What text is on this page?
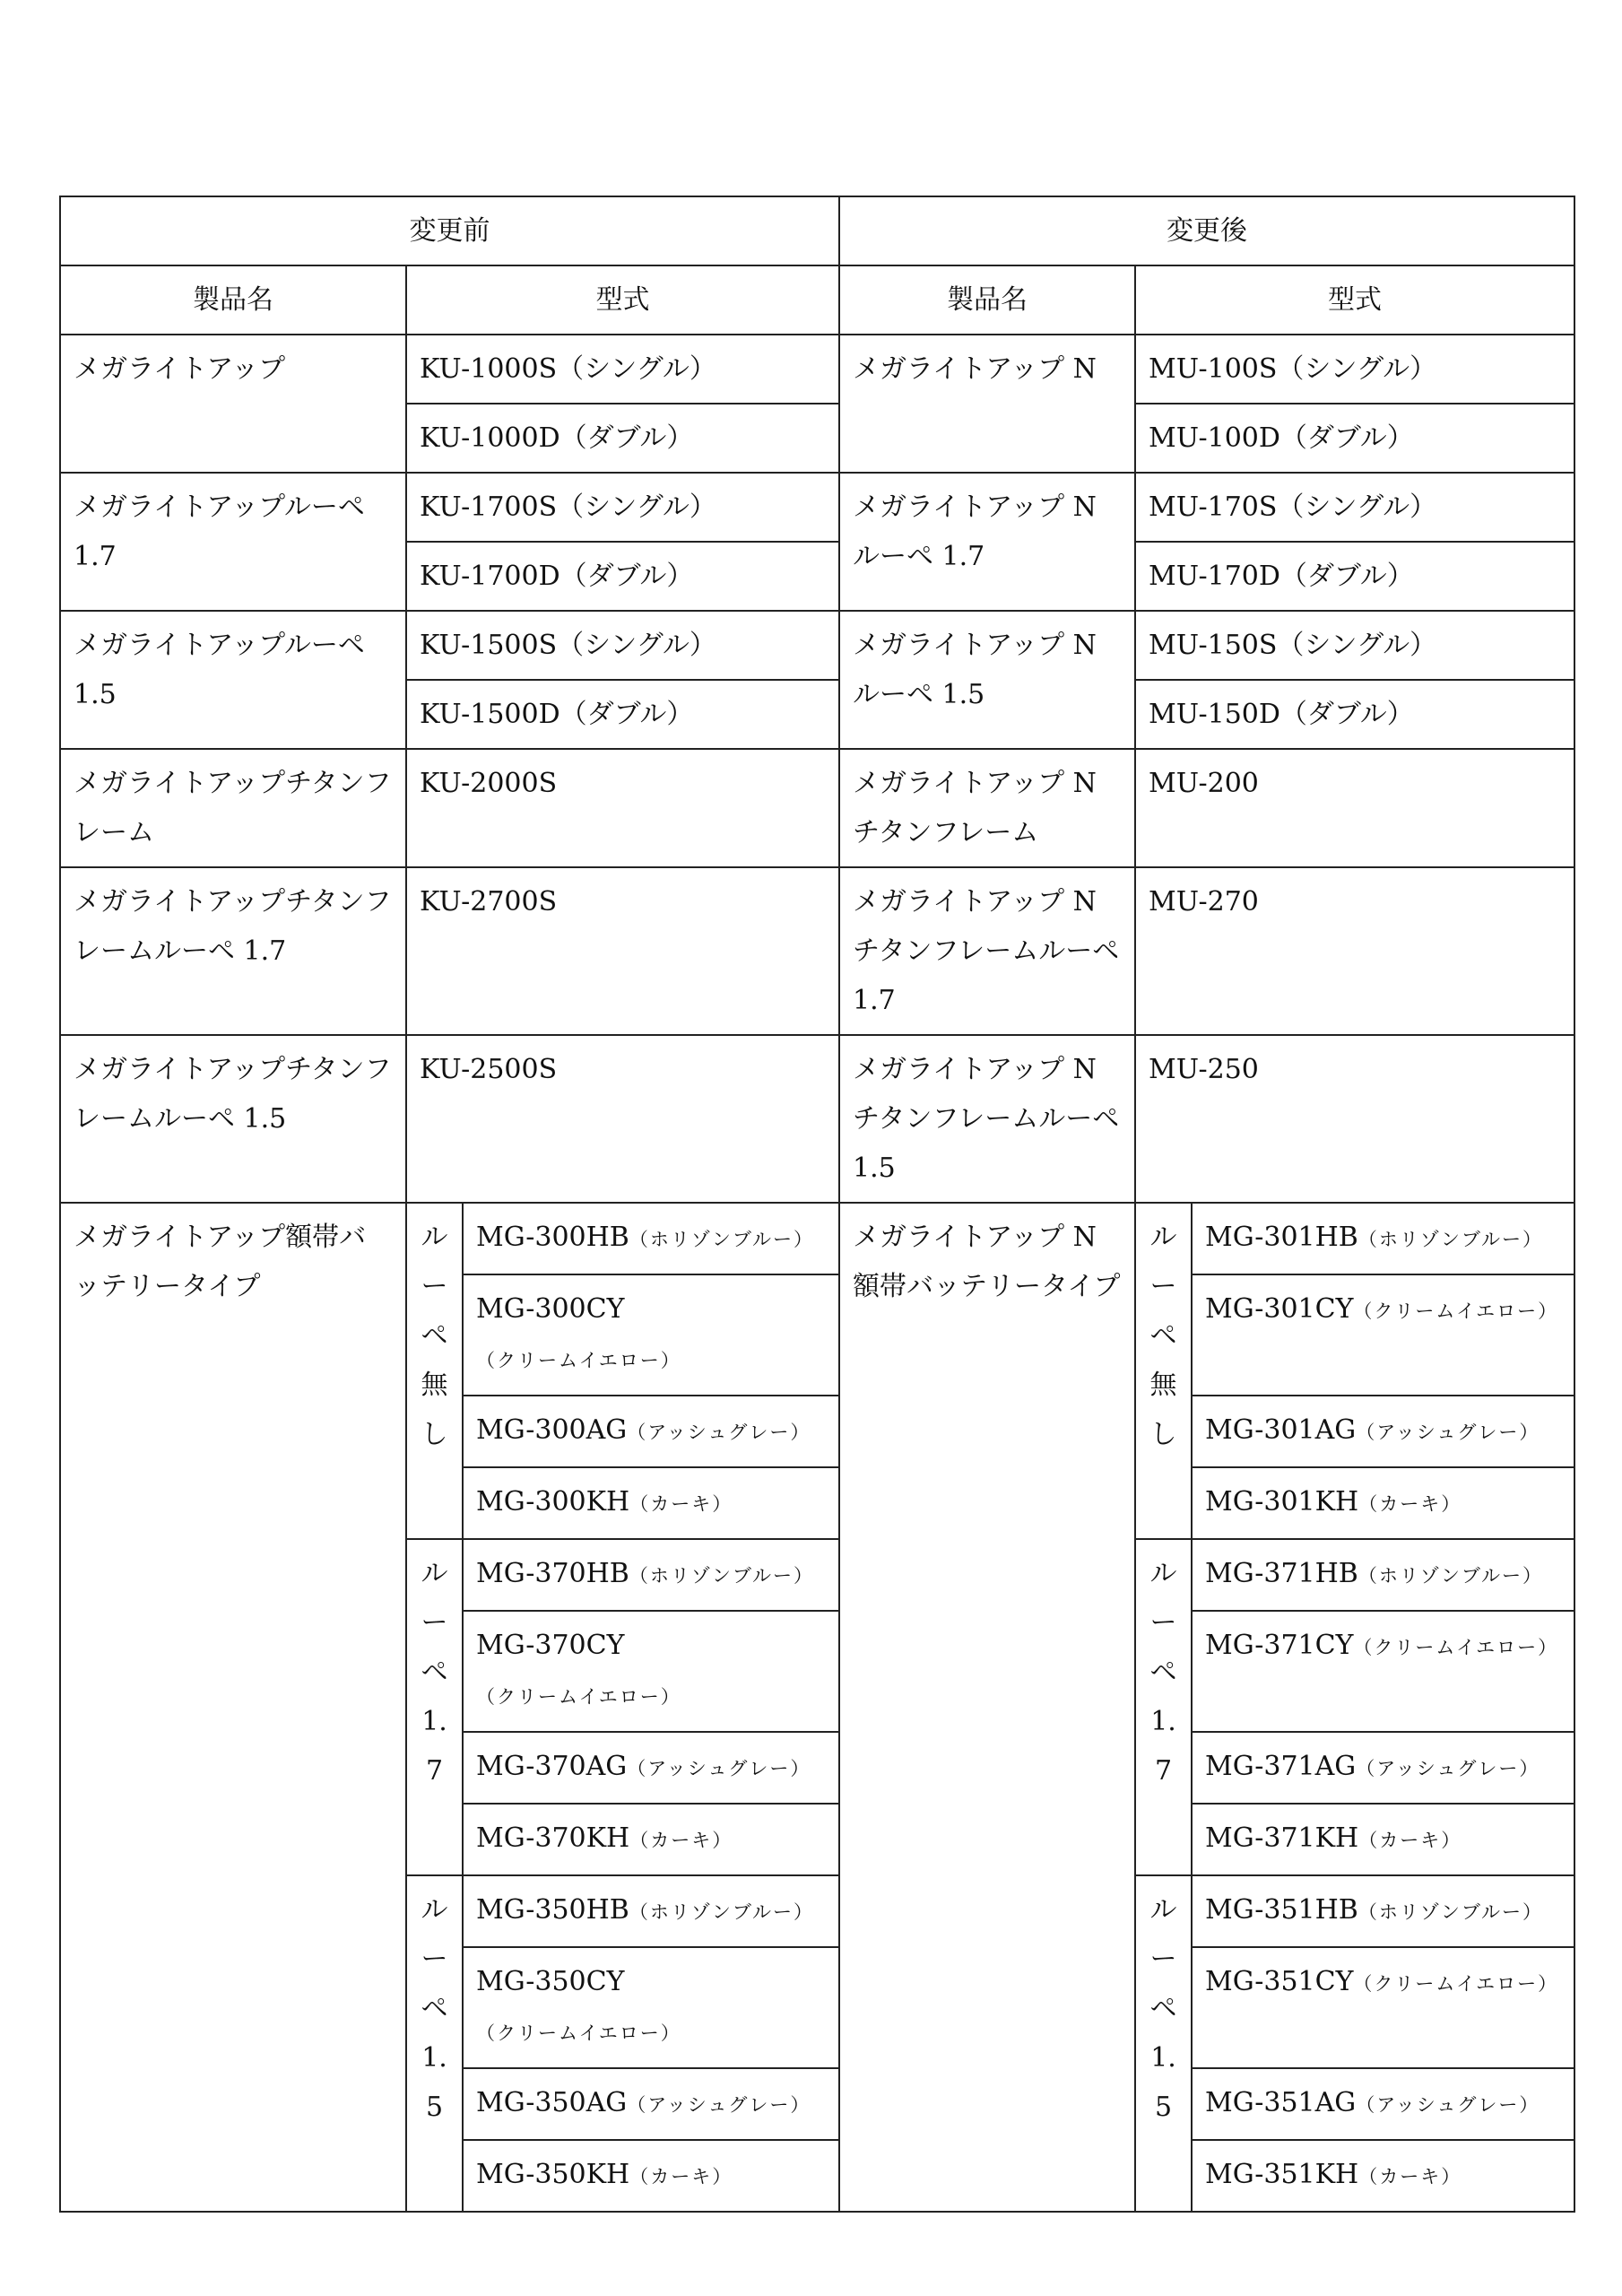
変更前			変更後		
製品名	型式		製品名	型式	
メガライトアップ	KU-1000S（シングル）		メガライトアップ N	MU-100S（シングル）	
	KU-1000D（ダブル）			MU-100D（ダブル）	
メガライトアップルーペ 1.7	KU-1700S（シングル）		メガライトアップ N ルーペ 1.7	MU-170S（シングル）	
	KU-1700D（ダブル）			MU-170D（ダブル）	
メガライトアップルーペ 1.5	KU-1500S（シングル）		メガライトアップ N ルーペ 1.5	MU-150S（シングル）	
	KU-1500D（ダブル）			MU-150D（ダブル）	
メガライトアップチタンフレーム	KU-2000S		メガライトアップ N チタンフレーム	MU-200	
メガライトアップチタンフレームルーペ 1.7	KU-2700S		メガライトアップ N チタンフレームルーペ 1.7	MU-270	
メガライトアップチタンフレームルーペ 1.5	KU-2500S		メガライトアップ N チタンフレームルーペ 1.5	MU-250	
メガライトアップ額帯バッテリータイプ	ルーペ無し	MG-300HB（ホリゾンブルー）	メガライトアップ N 額帯バッテリータイプ	ルーペ無し	MG-301HB（ホリゾンブルー）
		MG-300CY（クリームイエロー）			MG-301CY（クリームイエロー）
		MG-300AG（アッシュグレー）			MG-301AG（アッシュグレー）
		MG-300KH（カーキ）			MG-301KH（カーキ）
	ルーペ1.7	MG-370HB（ホリゾンブルー）		ルーペ1.7	MG-371HB（ホリゾンブルー）
		MG-370CY（クリームイエロー）			MG-371CY（クリームイエロー）
		MG-370AG（アッシュグレー）			MG-371AG（アッシュグレー）
		MG-370KH（カーキ）			MG-371KH（カーキ）
	ルーペ1.5	MG-350HB（ホリゾンブルー）		ルーペ1.5	MG-351HB（ホリゾンブルー）
		MG-350CY（クリームイエロー）			MG-351CY（クリームイエロー）
		MG-350AG（アッシュグレー）			MG-351AG（アッシュグレー）
		MG-350KH（カーキ）			MG-351KH（カーキ）
